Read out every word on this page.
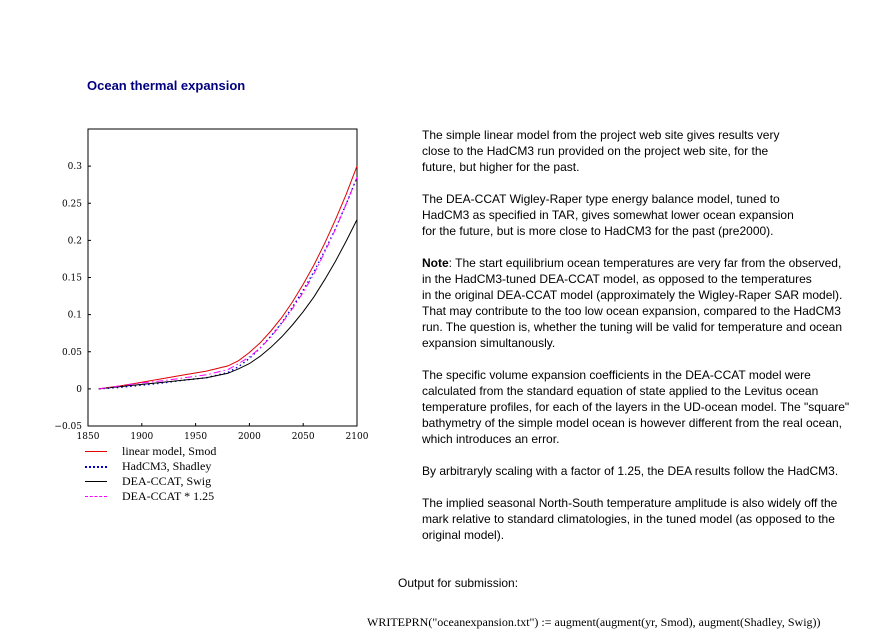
Ocean thermal expansion
0.3
0.25
0.2
0.15
0.1
0.05
0
−0.05
1850	1900	1950	2000	2050	2100
linear model, Smod
HadCM3, Shadley
DEA-CCAT, Swig
DEA-CCAT * 1.25

The simple linear model from the project web site gives results very
close to the HadCM3 run provided on the project web site, for the
future, but higher for the past.

The DEA-CCAT Wigley-Raper type energy balance model, tuned to
HadCM3 as specified in TAR, gives somewhat lower ocean expansion
for the future, but is more close to HadCM3 for the past (pre2000).

Note: The start equilibrium ocean temperatures are very far from the observed,
in the HadCM3-tuned DEA-CCAT model, as opposed to the temperatures
in the original DEA-CCAT model (approximately the Wigley-Raper SAR model).
That may contribute to the too low ocean expansion, compared to the HadCM3
run. The question is, whether the tuning will be valid for temperature and ocean
expansion simultanously.

The specific volume expansion coefficients in the DEA-CCAT model were
calculated from the standard equation of state applied to the Levitus ocean
temperature profiles, for each of the layers in the UD-ocean model. The "square"
bathymetry of the simple model ocean is however different from the real ocean,
which introduces an error.

By arbitraryly scaling with a factor of 1.25, the DEA results follow the HadCM3.

The implied seasonal North-South temperature amplitude is also widely off the
mark relative to standard climatologies, in the tuned model (as opposed to the
original model).

Output for submission:
WRITEPRN("oceanexpansion.txt") := augment(augment(yr, Smod), augment(Shadley, Swig))
